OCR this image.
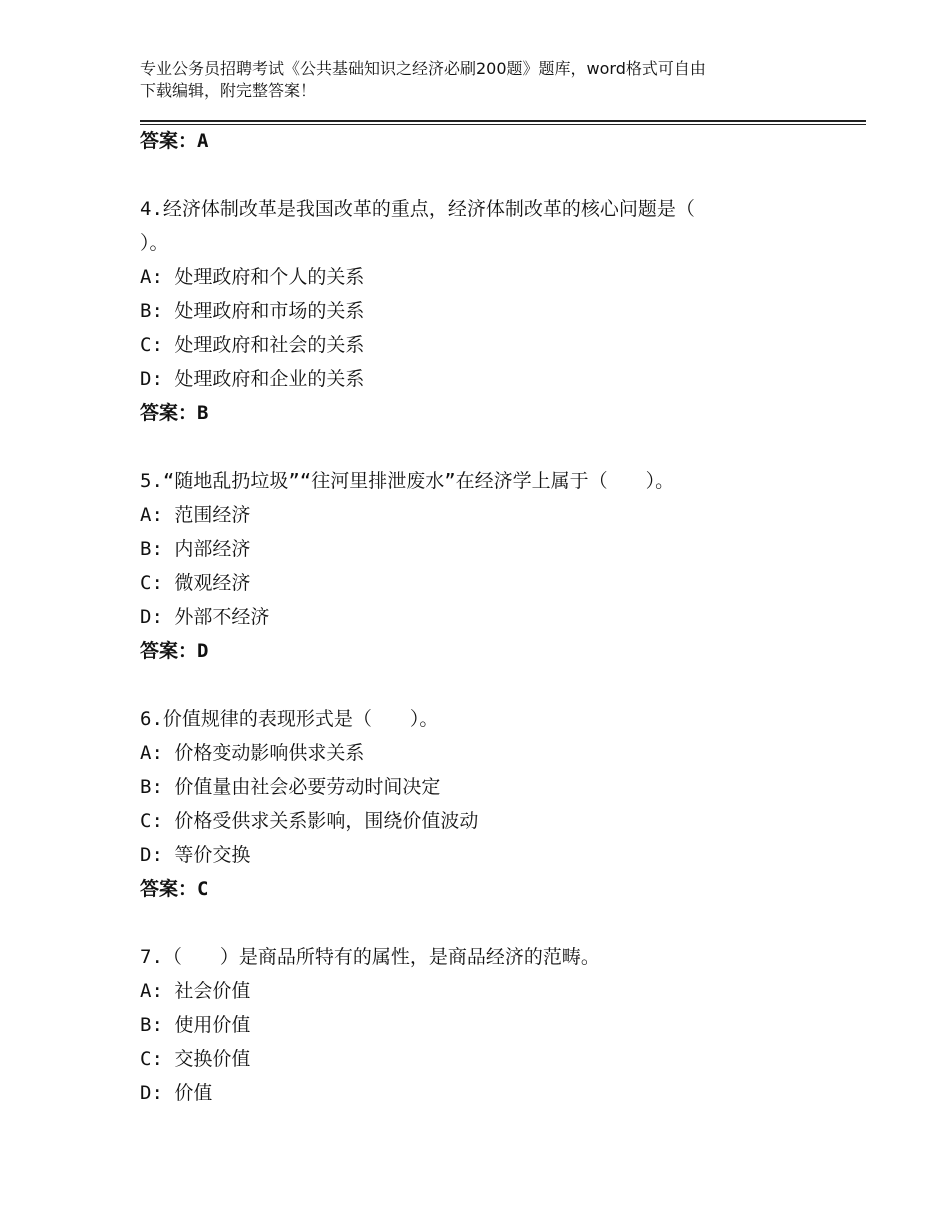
专业公务员招聘考试《公共基础知识之经济必刷200题》题库，word格式可自由
下载编辑，附完整答案！
答案：A
4.经济体制改革是我国改革的重点，经济体制改革的核心问题是（
）。
A: 处理政府和个人的关系
B: 处理政府和市场的关系
C: 处理政府和社会的关系
D: 处理政府和企业的关系
答案：B
5.“随地乱扔垃圾”“往河里排泄废水”在经济学上属于（　　）。
A: 范围经济
B: 内部经济
C: 微观经济
D: 外部不经济
答案：D
6.价值规律的表现形式是（　　）。
A: 价格变动影响供求关系
B: 价值量由社会必要劳动时间决定
C: 价格受供求关系影响，围绕价值波动
D: 等价交换
答案：C
7.（　　）是商品所特有的属性，是商品经济的范畴。
A: 社会价值
B: 使用价值
C: 交换价值
D: 价值
